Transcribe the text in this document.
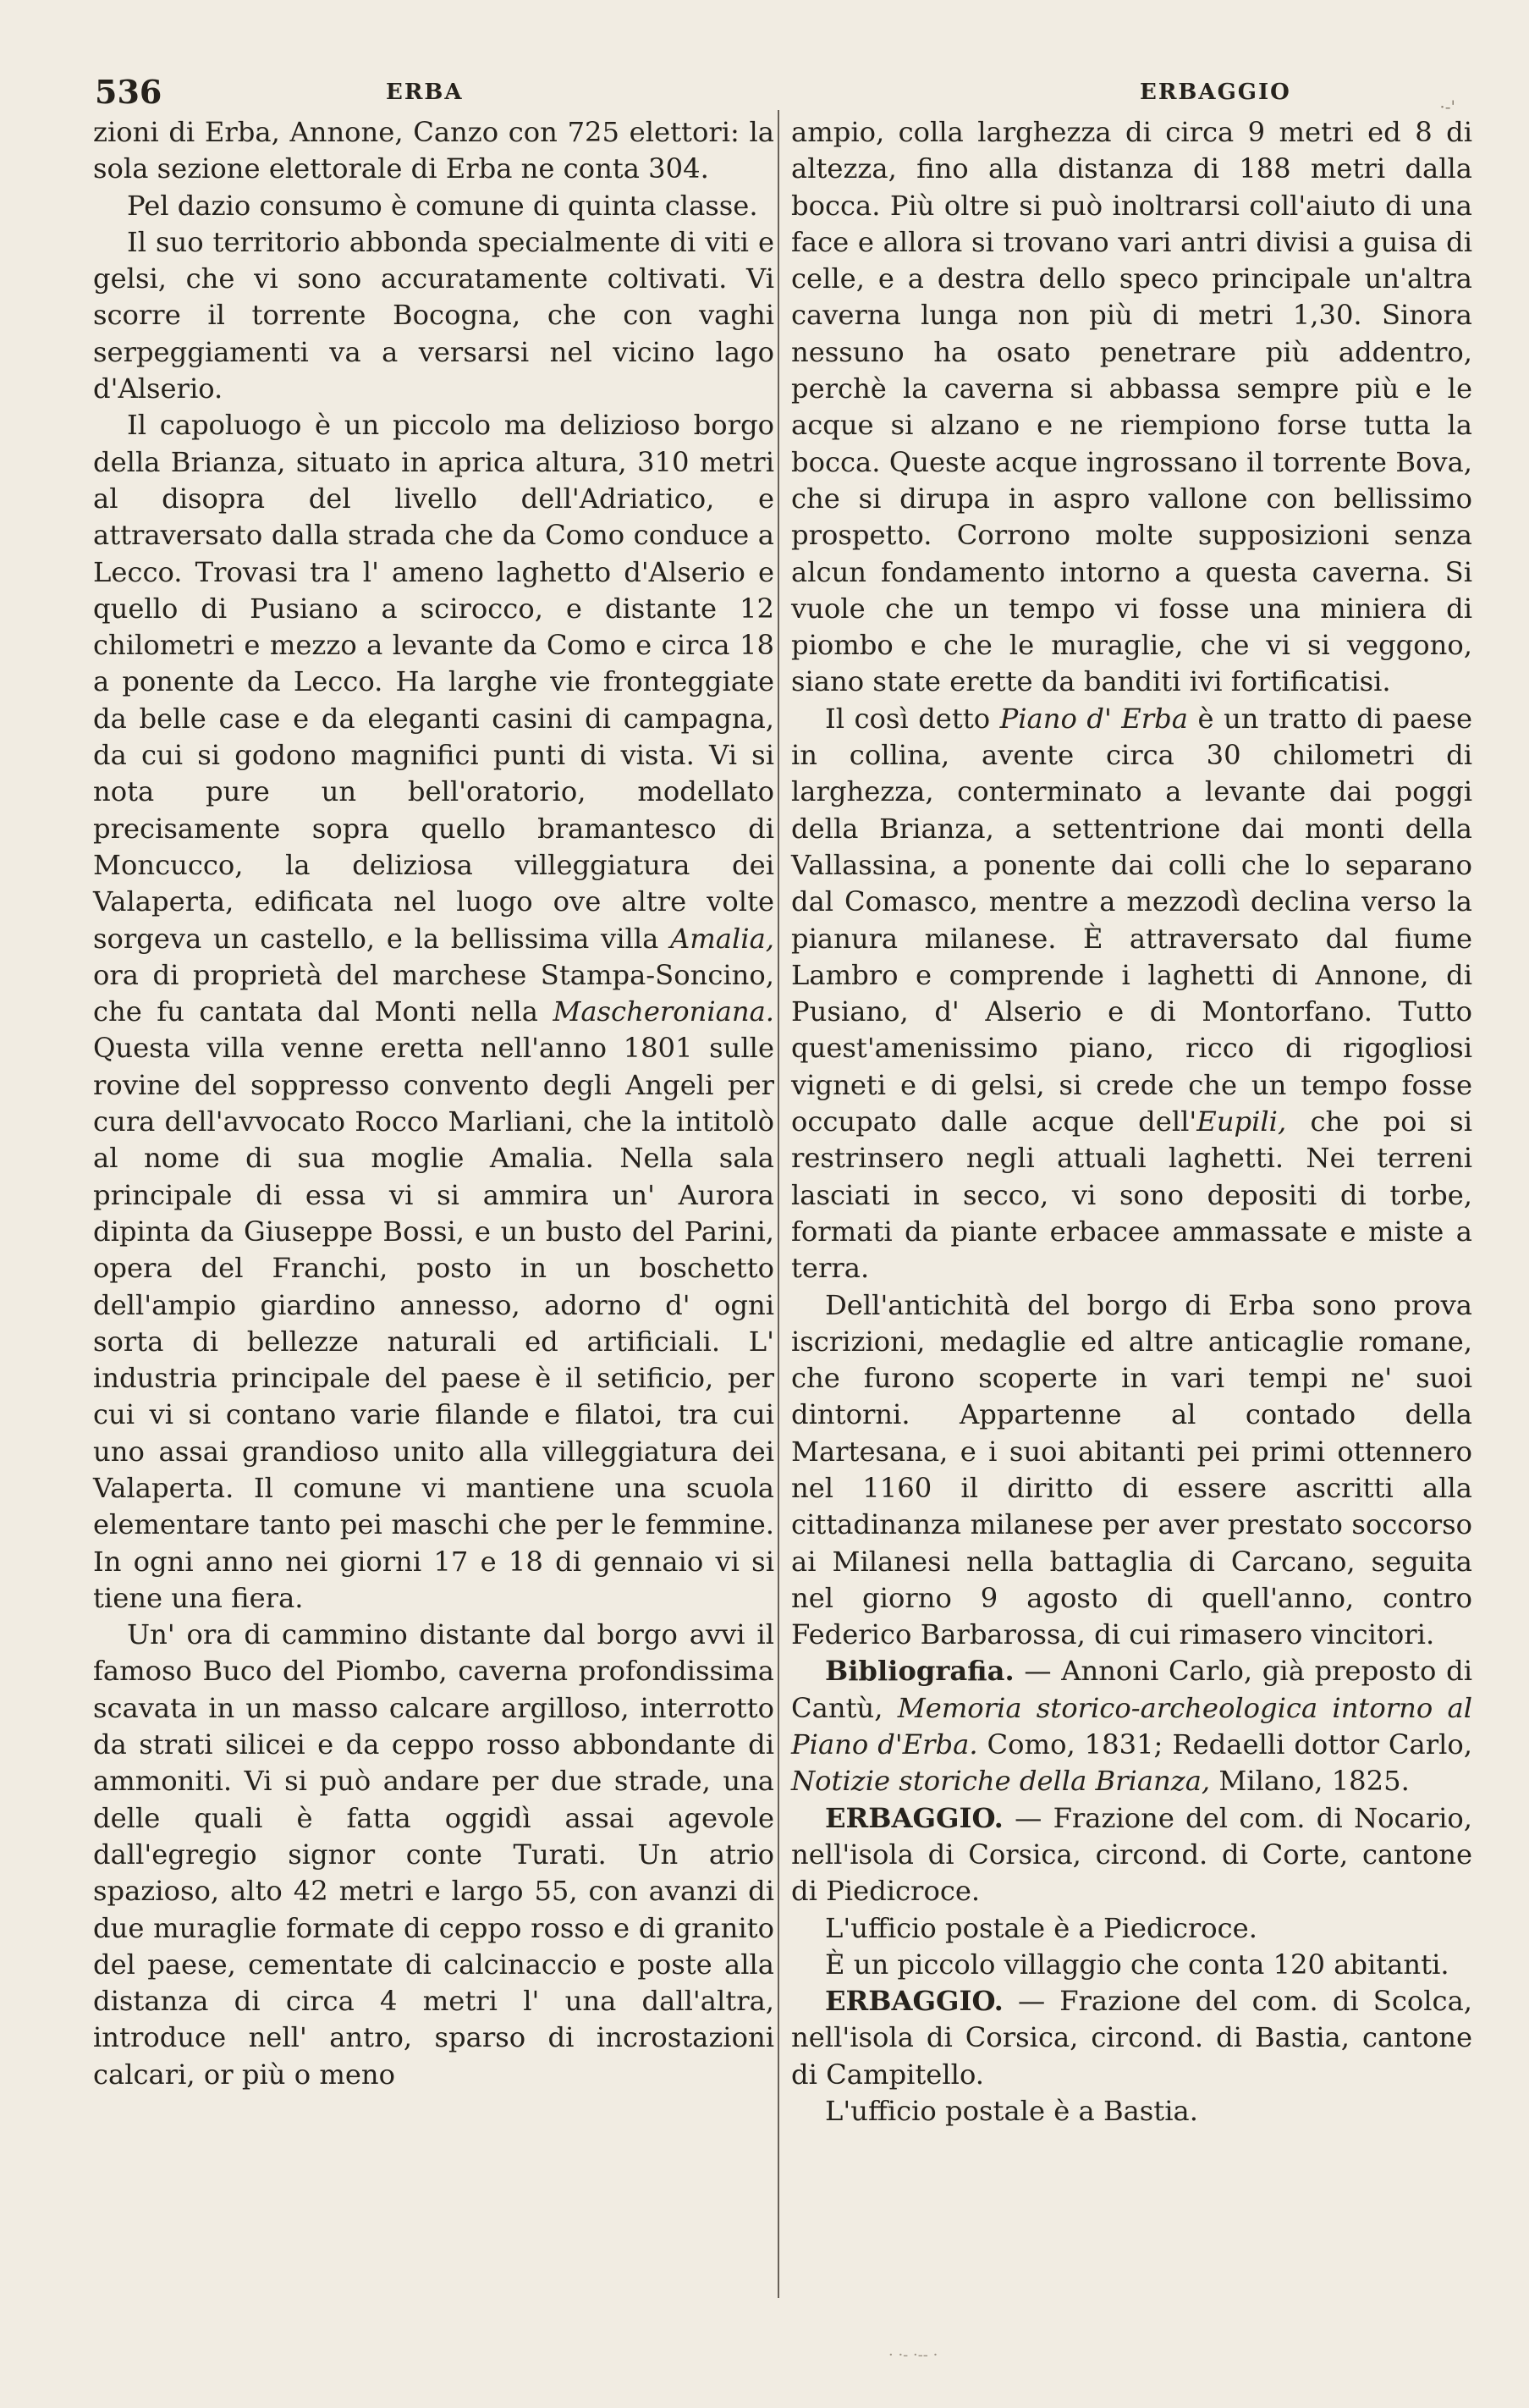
536	ERBA	ERBAGGIO
·-'

zioni di Erba, Annone, Canzo con 725 elettori: la sola sezione elettorale di Erba ne conta 304.

Pel dazio consumo è comune di quinta classe.

Il suo territorio abbonda specialmente di viti e gelsi, che vi sono accuratamente coltivati. Vi scorre il torrente Bocogna, che con vaghi serpeggiamenti va a versarsi nel vicino lago d'Alserio.

Il capoluogo è un piccolo ma delizioso borgo della Brianza, situato in aprica altura, 310 metri al disopra del livello dell'Adriatico, e attraversato dalla strada che da Como conduce a Lecco. Trovasi tra l' ameno laghetto d'Alserio e quello di Pusiano a scirocco, e distante 12 chilometri e mezzo a levante da Como e circa 18 a ponente da Lecco. Ha larghe vie fronteggiate da belle case e da eleganti casini di campagna, da cui si godono magnifici punti di vista. Vi si nota pure un bell'oratorio, modellato precisamente sopra quello bramantesco di Moncucco, la deliziosa villeggiatura dei Valaperta, edificata nel luogo ove altre volte sorgeva un castello, e la bellissima villa Amalia, ora di proprietà del marchese Stampa-Soncino, che fu cantata dal Monti nella Mascheroniana. Questa villa venne eretta nell'anno 1801 sulle rovine del soppresso convento degli Angeli per cura dell'avvocato Rocco Marliani, che la intitolò al nome di sua moglie Amalia. Nella sala principale di essa vi si ammira un' Aurora dipinta da Giuseppe Bossi, e un busto del Parini, opera del Franchi, posto in un boschetto dell'ampio giardino annesso, adorno d' ogni sorta di bellezze naturali ed artificiali. L' industria principale del paese è il setificio, per cui vi si contano varie filande e filatoi, tra cui uno assai grandioso unito alla villeggiatura dei Valaperta. Il comune vi mantiene una scuola elementare tanto pei maschi che per le femmine. In ogni anno nei giorni 17 e 18 di gennaio vi si tiene una fiera.

Un' ora di cammino distante dal borgo avvi il famoso Buco del Piombo, caverna profondissima scavata in un masso calcare argilloso, interrotto da strati silicei e da ceppo rosso abbondante di ammoniti. Vi si può andare per due strade, una delle quali è fatta oggidì assai agevole dall'egregio signor conte Turati. Un atrio spazioso, alto 42 metri e largo 55, con avanzi di due muraglie formate di ceppo rosso e di granito del paese, cementate di calcinaccio e poste alla distanza di circa 4 metri l' una dall'altra, introduce nell' antro, sparso di incrostazioni calcari, or più o meno

ampio, colla larghezza di circa 9 metri ed 8 di altezza, fino alla distanza di 188 metri dalla bocca. Più oltre si può inoltrarsi coll'aiuto di una face e allora si trovano vari antri divisi a guisa di celle, e a destra dello speco principale un'altra caverna lunga non più di metri 1,30. Sinora nessuno ha osato penetrare più addentro, perchè la caverna si abbassa sempre più e le acque si alzano e ne riempiono forse tutta la bocca. Queste acque ingrossano il torrente Bova, che si dirupa in aspro vallone con bellissimo prospetto. Corrono molte supposizioni senza alcun fondamento intorno a questa caverna. Si vuole che un tempo vi fosse una miniera di piombo e che le muraglie, che vi si veggono, siano state erette da banditi ivi fortificatisi.

Il così detto Piano d' Erba è un tratto di paese in collina, avente circa 30 chilometri di larghezza, conterminato a levante dai poggi della Brianza, a settentrione dai monti della Vallassina, a ponente dai colli che lo separano dal Comasco, mentre a mezzodì declina verso la pianura milanese. È attraversato dal fiume Lambro e comprende i laghetti di Annone, di Pusiano, d' Alserio e di Montorfano. Tutto quest'amenissimo piano, ricco di rigogliosi vigneti e di gelsi, si crede che un tempo fosse occupato dalle acque dell'Eupili, che poi si restrinsero negli attuali laghetti. Nei terreni lasciati in secco, vi sono depositi di torbe, formati da piante erbacee ammassate e miste a terra.

Dell'antichità del borgo di Erba sono prova iscrizioni, medaglie ed altre anticaglie romane, che furono scoperte in vari tempi ne' suoi dintorni. Appartenne al contado della Martesana, e i suoi abitanti pei primi ottennero nel 1160 il diritto di essere ascritti alla cittadinanza milanese per aver prestato soccorso ai Milanesi nella battaglia di Carcano, seguita nel giorno 9 agosto di quell'anno, contro Federico Barbarossa, di cui rimasero vincitori.

Bibliografia. — Annoni Carlo, già preposto di Cantù, Memoria storico-archeologica intorno al Piano d'Erba. Como, 1831; Redaelli dottor Carlo, Notizie storiche della Brianza, Milano, 1825.

ERBAGGIO. — Frazione del com. di Nocario, nell'isola di Corsica, circond. di Corte, cantone di Piedicroce.

L'ufficio postale è a Piedicroce.

È un piccolo villaggio che conta 120 abitanti.

ERBAGGIO. — Frazione del com. di Scolca, nell'isola di Corsica, circond. di Bastia, cantone di Campitello.

L'ufficio postale è a Bastia.

· ·- ·-- ·
